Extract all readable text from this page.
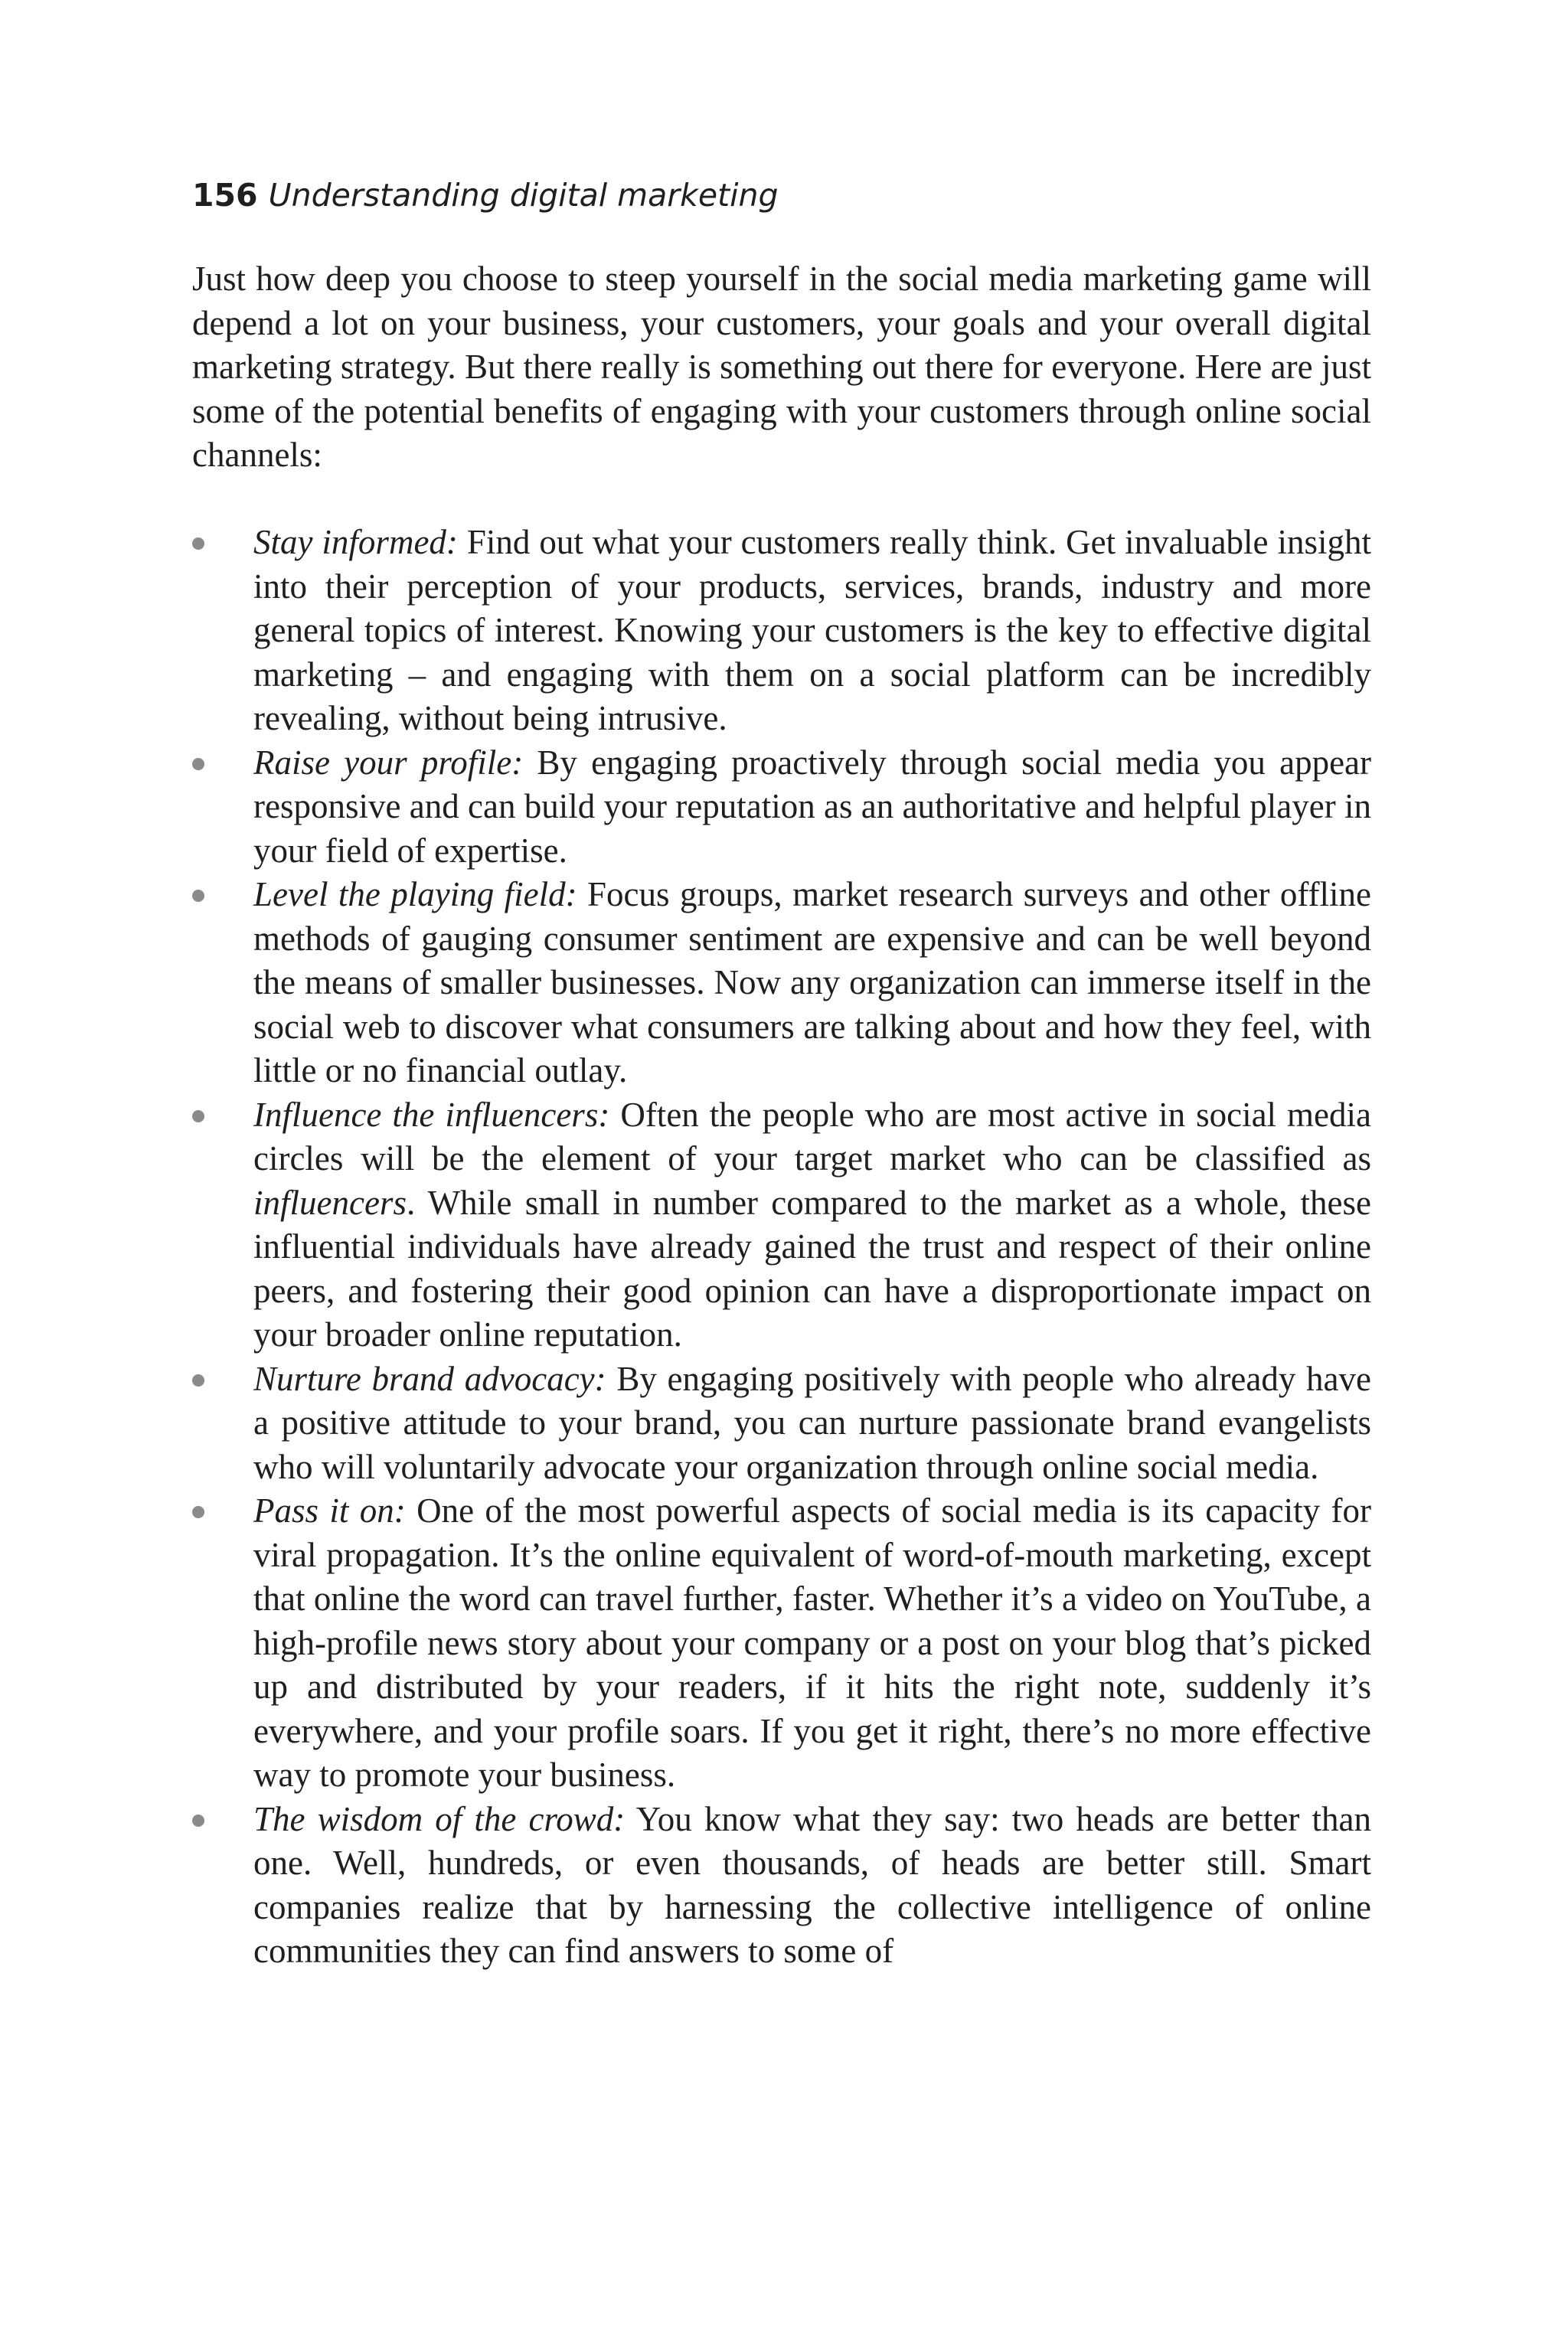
156 Understanding digital marketing

Just how deep you choose to steep yourself in the social media marketing game will depend a lot on your business, your customers, your goals and your overall digital marketing strategy. But there really is something out there for everyone. Here are just some of the potential benefits of engaging with your customers through online social channels:

Stay informed: Find out what your customers really think. Get invaluable insight into their perception of your products, services, brands, industry and more general topics of interest. Knowing your customers is the key to effective digital marketing – and engaging with them on a social platform can be incredibly revealing, without being intrusive.
Raise your profile: By engaging proactively through social media you appear responsive and can build your reputation as an authoritative and helpful player in your field of expertise.
Level the playing field: Focus groups, market research surveys and other offline methods of gauging consumer sentiment are expensive and can be well beyond the means of smaller businesses. Now any organization can immerse itself in the social web to discover what consumers are talking about and how they feel, with little or no financial outlay.
Influence the influencers: Often the people who are most active in social media circles will be the element of your target market who can be classified as influencers. While small in number compared to the market as a whole, these influential individuals have already gained the trust and respect of their online peers, and fostering their good opinion can have a disproportionate impact on your broader online reputation.
Nurture brand advocacy: By engaging positively with people who already have a positive attitude to your brand, you can nurture passionate brand evangelists who will voluntarily advocate your organization through online social media.
Pass it on: One of the most powerful aspects of social media is its capacity for viral propagation. It’s the online equivalent of word-of-mouth marketing, except that online the word can travel further, faster. Whether it’s a video on YouTube, a high-profile news story about your company or a post on your blog that’s picked up and distributed by your readers, if it hits the right note, suddenly it’s everywhere, and your profile soars. If you get it right, there’s no more effective way to promote your business.
The wisdom of the crowd: You know what they say: two heads are better than one. Well, hundreds, or even thousands, of heads are better still. Smart companies realize that by harnessing the collective intelligence of online communities they can find answers to some of
